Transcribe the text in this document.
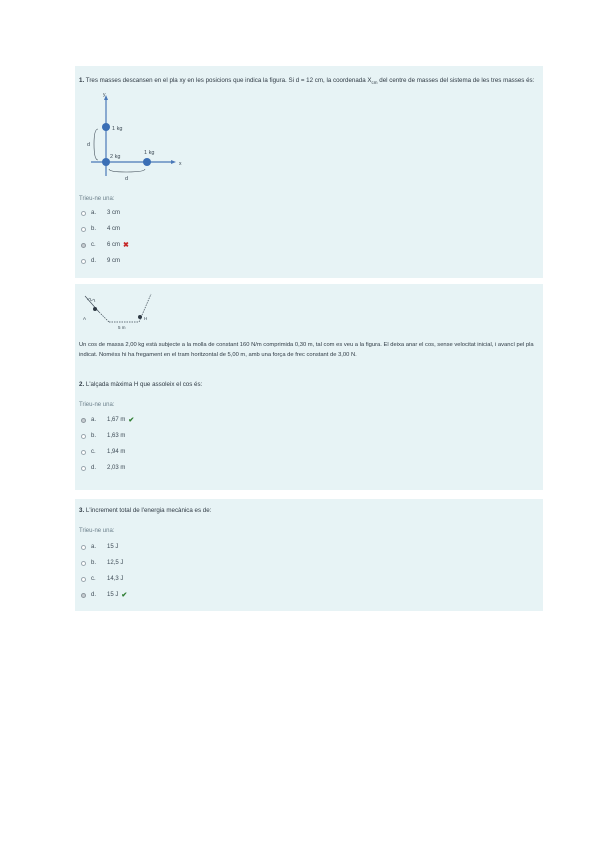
1. Tres masses descansen en el pla xy en les posicions que indica la figura. Si d = 12 cm, la coordenada $X_{cm}$ del centre de masses del sistema de les tres masses és:
y
x
1 kg
2 kg
1 kg
d
d
Trieu-ne una:
a.	3 cm
b.	4 cm
c.	6 cm ✖
d.	9 cm
A	H
5 m
Un cos de massa 2,00 kg està subjecte a la molla de constant 160 N/m comprimida 0,30 m, tal com es veu a la figura. El deixa anar el cos, sense velocitat inicial, i avancí pel pla indicat. Noméss hi ha fregament en el tram horitzontal de 5,00 m, amb una força de frec constant de 3,00 N.
2. L'alçada màxima H que assoleix el cos és:
Trieu-ne una:
a.	1,67 m ✔
b.	1,63 m
c.	1,94 m
d.	2,03 m
3. L'increment total de l'energia mecànica es de:
Trieu-ne una:
a.	15 J
b.	12,5 J
c.	14,3 J
d.	15 J ✔
